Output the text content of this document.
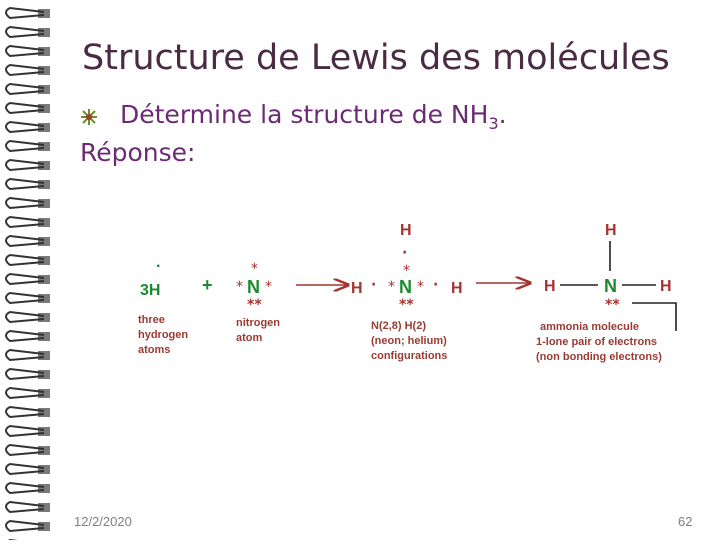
Structure de Lewis des molécules
Détermine la structure de $NH_3$.
Réponse:
·
3H +
*
* N *
**
H
·
*
H · * N * · H
**
H
H	N	H
**
three
hydrogen
atoms
nitrogen
atom
N(2,8) H(2)
(neon; helium)
configurations
ammonia molecule
1-lone pair of electrons
(non bonding electrons)
12/2/2020	62
